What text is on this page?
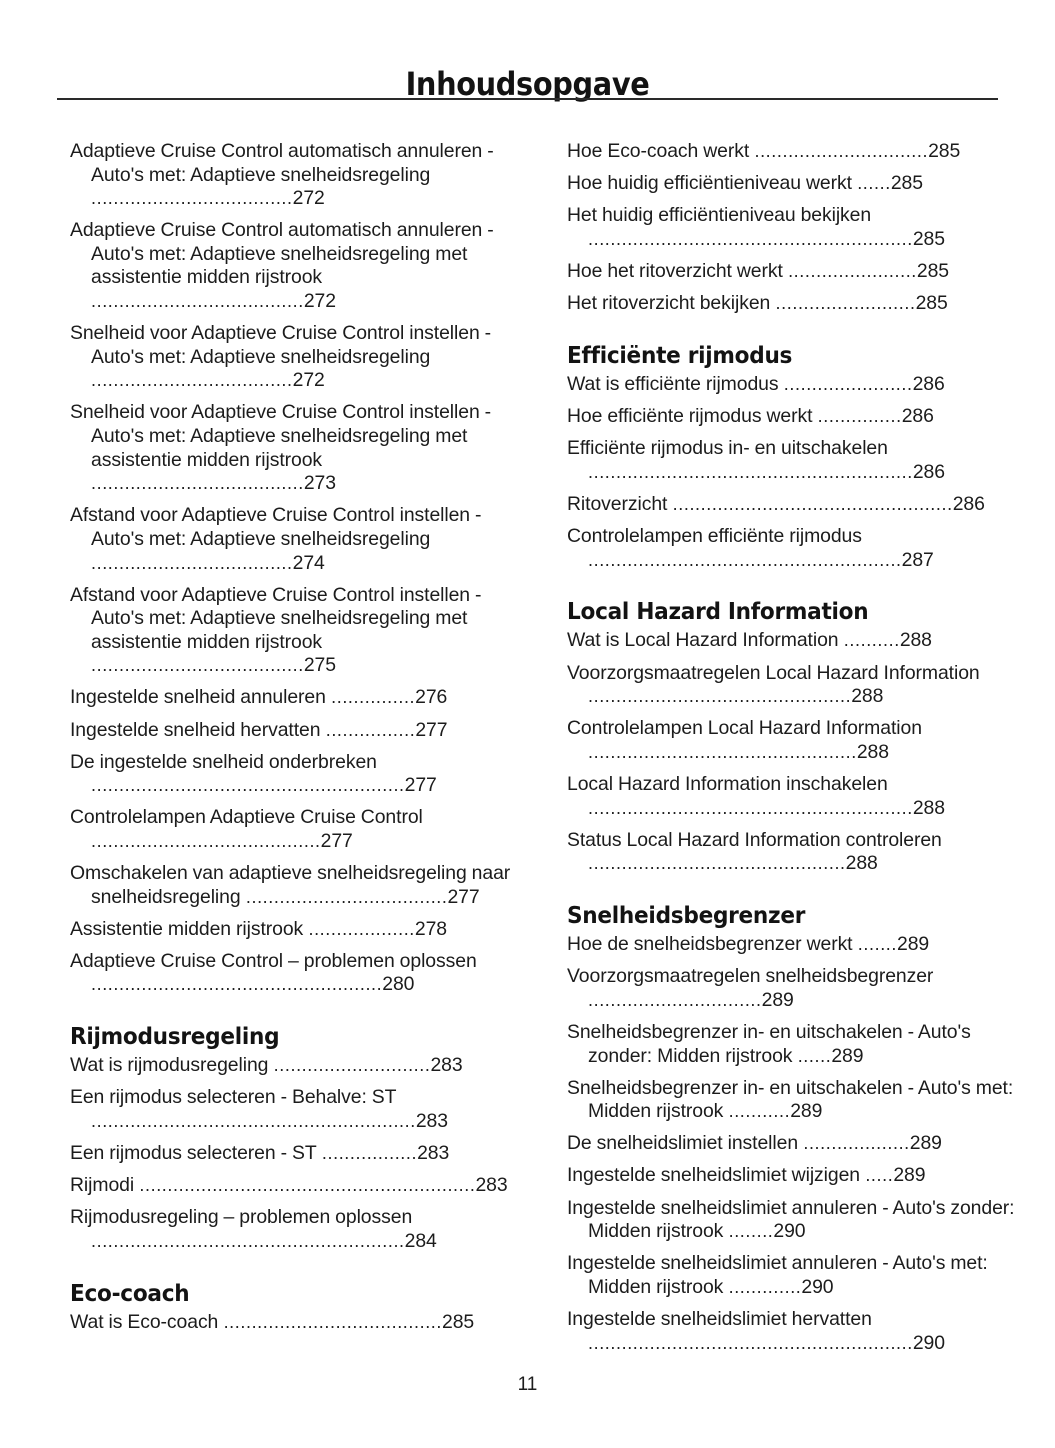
Inhoudsopgave
Adaptieve Cruise Control automatisch annuleren - Auto's met: Adaptieve snelheidsregeling ....................................272
Adaptieve Cruise Control automatisch annuleren - Auto's met: Adaptieve snelheidsregeling met assistentie midden rijstrook ......................................272
Snelheid voor Adaptieve Cruise Control instellen - Auto's met: Adaptieve snelheidsregeling ....................................272
Snelheid voor Adaptieve Cruise Control instellen - Auto's met: Adaptieve snelheidsregeling met assistentie midden rijstrook ......................................273
Afstand voor Adaptieve Cruise Control instellen - Auto's met: Adaptieve snelheidsregeling ....................................274
Afstand voor Adaptieve Cruise Control instellen - Auto's met: Adaptieve snelheidsregeling met assistentie midden rijstrook ......................................275
Ingestelde snelheid annuleren ...............276
Ingestelde snelheid hervatten ................277
De ingestelde snelheid onderbreken ........................................................277
Controlelampen Adaptieve Cruise Control .........................................277
Omschakelen van adaptieve snelheidsregeling naar snelheidsregeling ....................................277
Assistentie midden rijstrook ...................278
Adaptieve Cruise Control – problemen oplossen ....................................................280
Rijmodusregeling
Wat is rijmodusregeling ............................283
Een rijmodus selecteren - Behalve: ST ..........................................................283
Een rijmodus selecteren - ST .................283
Rijmodi ............................................................283
Rijmodusregeling – problemen oplossen ........................................................284
Eco-coach
Wat is Eco-coach .......................................285
Hoe Eco-coach werkt ...............................285
Hoe huidig efficiëntieniveau werkt ......285
Het huidig efficiëntieniveau bekijken ..........................................................285
Hoe het ritoverzicht werkt .......................285
Het ritoverzicht bekijken .........................285
Efficiënte rijmodus
Wat is efficiënte rijmodus .......................286
Hoe efficiënte rijmodus werkt ...............286
Efficiënte rijmodus in- en uitschakelen ..........................................................286
Ritoverzicht ..................................................286
Controlelampen efficiënte rijmodus ........................................................287
Local Hazard Information
Wat is Local Hazard Information ..........288
Voorzorgsmaatregelen Local Hazard Information ...............................................288
Controlelampen Local Hazard Information ................................................288
Local Hazard Information inschakelen ..........................................................288
Status Local Hazard Information controleren ..............................................288
Snelheidsbegrenzer
Hoe de snelheidsbegrenzer werkt .......289
Voorzorgsmaatregelen snelheidsbegrenzer ...............................289
Snelheidsbegrenzer in- en uitschakelen - Auto's zonder: Midden rijstrook ......289
Snelheidsbegrenzer in- en uitschakelen - Auto's met: Midden rijstrook ...........289
De snelheidslimiet instellen ...................289
Ingestelde snelheidslimiet wijzigen .....289
Ingestelde snelheidslimiet annuleren - Auto's zonder: Midden rijstrook ........290
Ingestelde snelheidslimiet annuleren - Auto's met: Midden rijstrook .............290
Ingestelde snelheidslimiet hervatten ..........................................................290
11
